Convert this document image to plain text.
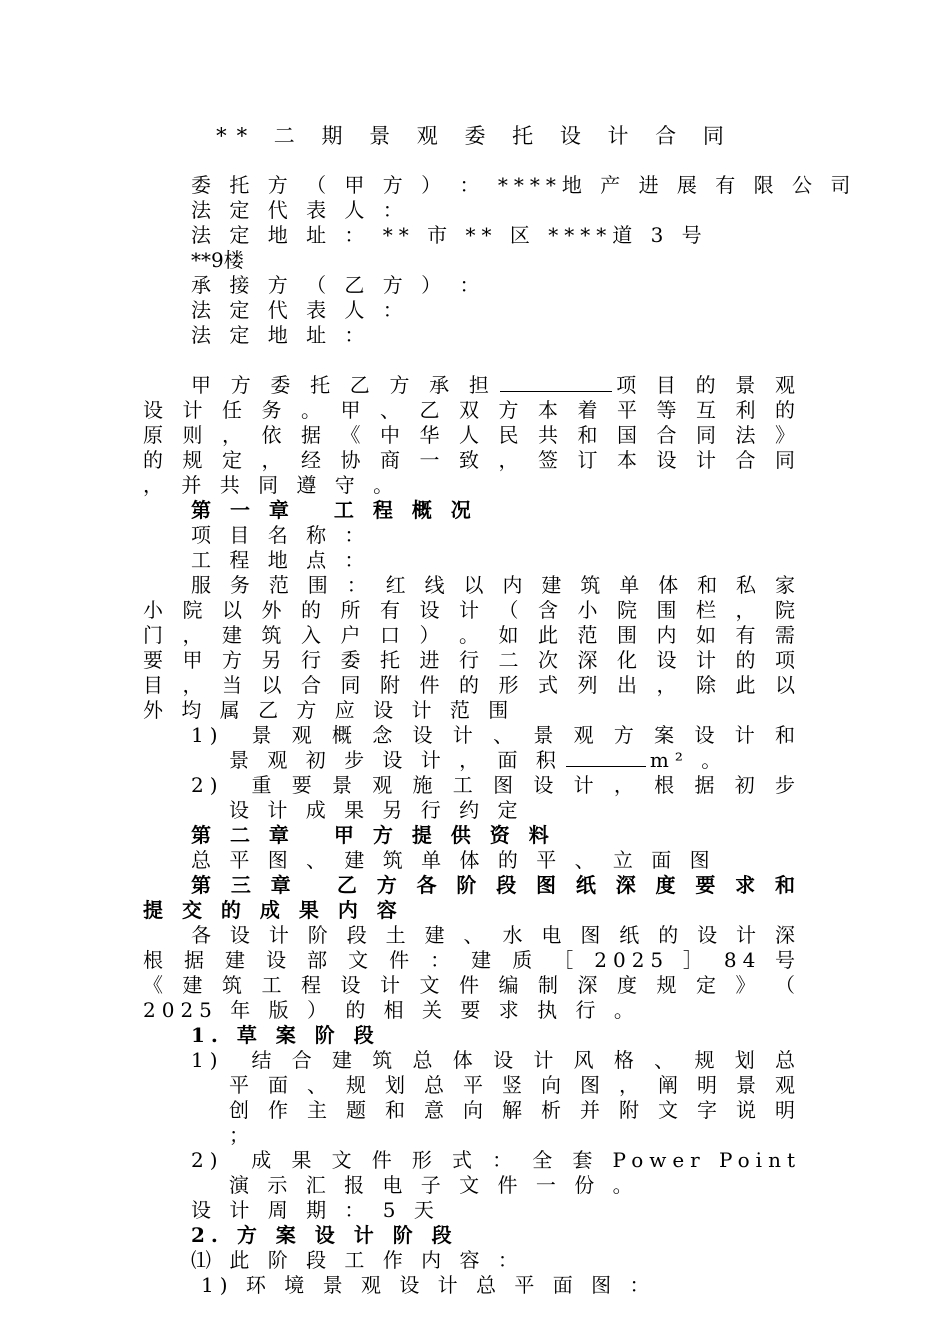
** 二 期 景 观 委 托 设 计 合 同
委 托 方 （ 甲 方 ） ： ****地 产 进 展 有 限 公 司
法 定 代 表 人 ：
法 定 地 址 ： ** 市 ** 区 ****道 3 号
**9楼
承 接 方 （ 乙 方 ） ：
法 定 代 表 人 ：
法 定 地 址 ：
甲 方 委 托 乙 方 承 担	项 目 的 景 观 设 计 任 务 。 甲 、 乙 双 方 本 着 平 等 互 利 的 原 则 ， 依 据 《 中 华 人 民 共 和 国 合 同 法 》 的 规 定 ， 经 协 商 一 致 ， 签 订 本 设 计 合 同 ， 并 共 同 遵 守 。
第 一 章 　工 程 概 况
项 目 名 称 ：
工 程 地 点 ：
服 务 范 围 ： 红 线 以 内 建 筑 单 体 和 私 家 小 院 以 外 的 所 有 设 计 （ 含 小 院 围 栏 ， 院 门 ， 建 筑 入 户 口 ） 。 如 此 范 围 内 如 有 需 要 甲 方 另 行 委 托 进 行 二 次 深 化 设 计 的 项 目 ， 当 以 合 同 附 件 的 形 式 列 出 ， 除 此 以 外 均 属 乙 方 应 设 计 范 围
1)　景 观 概 念 设 计 、 景 观 方 案 设 计 和 景 观 初 步 设 计 ， 面 积	m² 。
2)　重 要 景 观 施 工 图 设 计 ， 根 据 初 步 设 计 成 果 另 行 约 定
第 二 章 　甲 方 提 供 资 料
总 平 图 、 建 筑 单 体 的 平 、 立 面 图
第 三 章 　乙 方 各 阶 段 图 纸 深 度 要 求 和 提 交 的 成 果 内 容
各 设 计 阶 段 土 建 、 水 电 图 纸 的 设 计 深 根 据 建 设 部 文 件 ： 建 质 ［ 2025 ］ 84 号 《 建 筑 工 程 设 计 文 件 编 制 深 度 规 定 》 （ 2025 年 版 ） 的 相 关 要 求 执 行 。
1. 草 案 阶 段
1)　结 合 建 筑 总 体 设 计 风 格 、 规 划 总 平 面 、 规 划 总 平 竖 向 图 ， 阐 明 景 观 创 作 主 题 和 意 向 解 析 并 附 文 字 说 明 ；
2)　成 果 文 件 形 式 ： 全 套 Power Point 演 示 汇 报 电 子 文 件 一 份 。
设 计 周 期 ： 5 天
2. 方 案 设 计 阶 段
⑴ 此 阶 段 工 作 内 容 ：
1) 环 境 景 观 设 计 总 平 面 图 ：
